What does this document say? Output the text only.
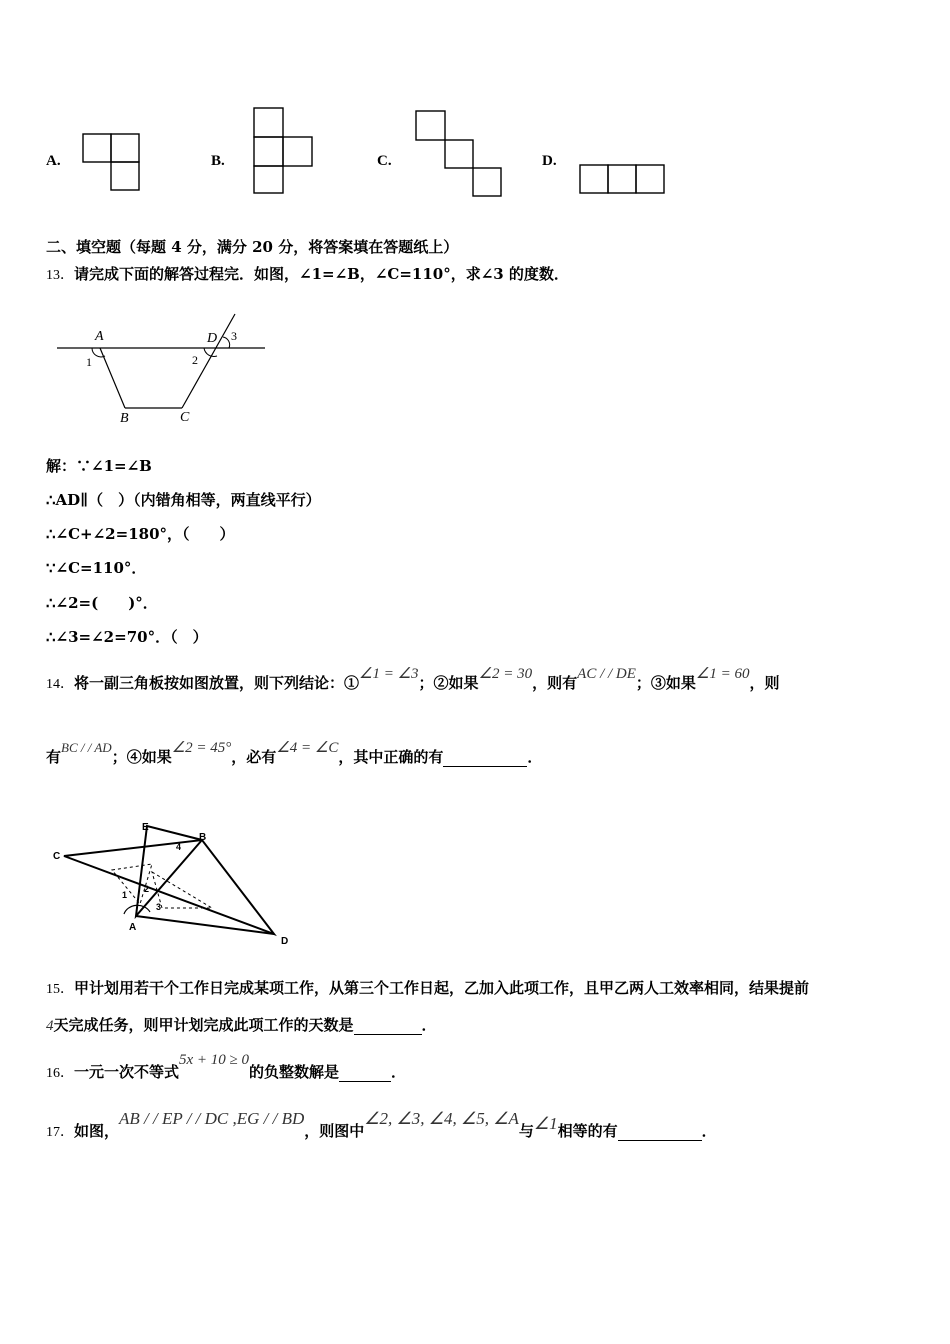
A.	B.	C.	D.
二、填空题（每题 4 分，满分 20 分，将答案填在答题纸上）
13．请完成下面的解答过程完．如图，∠1=∠B，∠C=110°，求∠3 的度数．
A	D
B	C
1	2
3
解：∵∠1=∠B
∴AD∥（　）（内错角相等，两直线平行）
∴∠C+∠2=180°，（　　）
∵∠C=110°．
∴∠2=(　　)°．
∴∠3=∠2=70°．（　）
14．将一副三角板按如图放置，则下列结论：①∠1 = ∠3；②如果∠2 = 30，则有AC / / DE；③如果∠1 = 60，则
有BC / / AD；④如果∠2 = 45°，必有∠4 = ∠C，其中正确的有	．
E
B
C
A
D
1
2
3
4
15．甲计划用若干个工作日完成某项工作，从第三个工作日起，乙加入此项工作，且甲乙两人工效率相同，结果提前
4天完成任务，则甲计划完成此项工作的天数是	．
16．一元一次不等式5x + 10 ≥ 0的负整数解是	．
17．如图，AB / / EP / / DC ,EG / / BD，则图中∠2, ∠3, ∠4, ∠5, ∠A与∠1相等的有	．
